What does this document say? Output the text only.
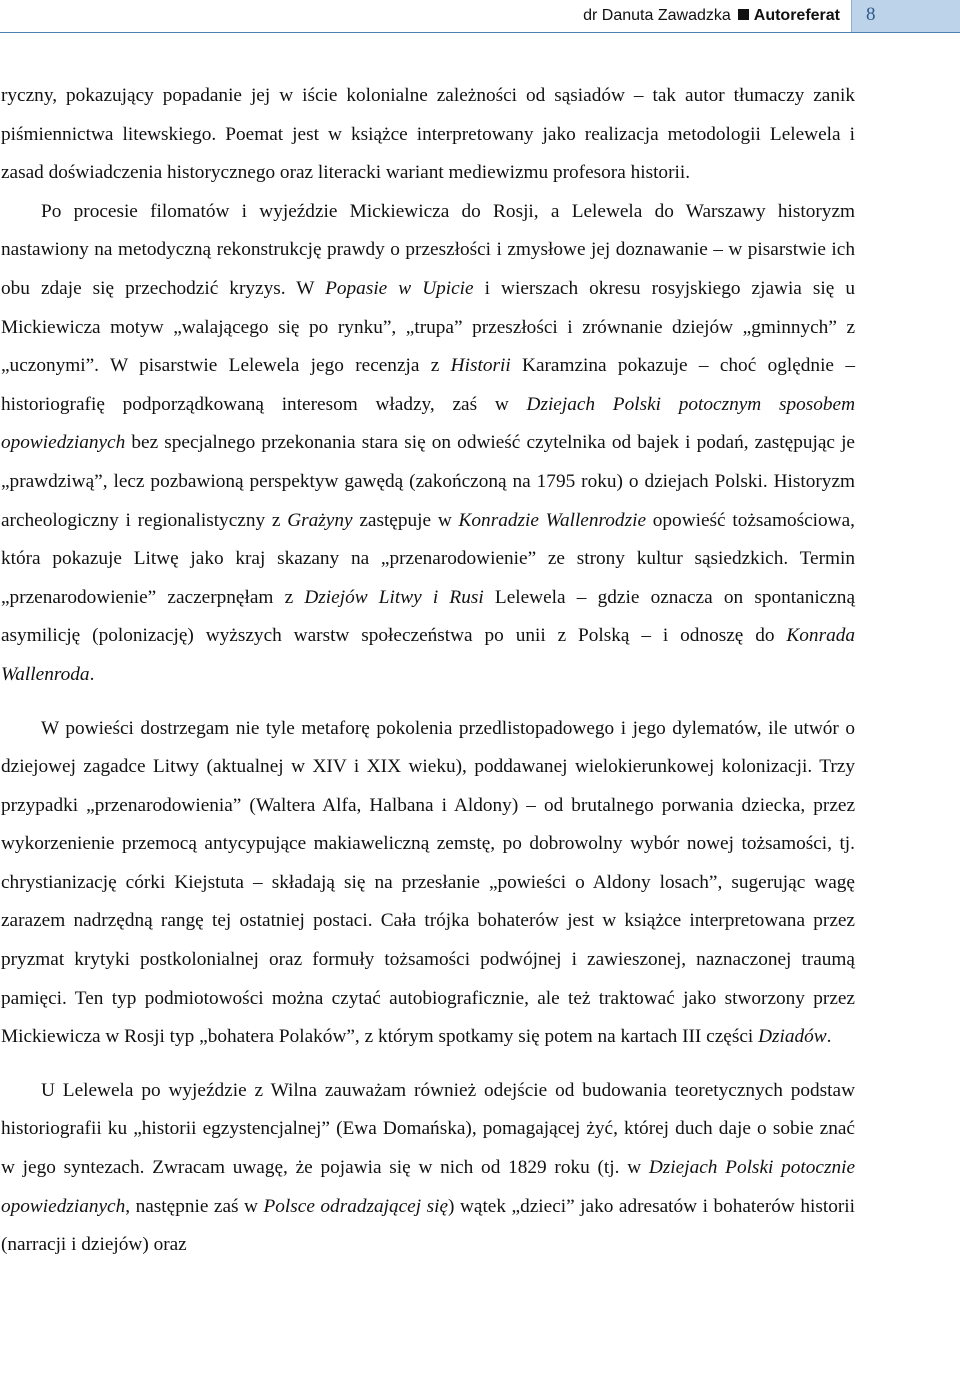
dr Danuta Zawadzka Autoreferat 8

ryczny, pokazujący popadanie jej w iście kolonialne zależności od sąsiadów – tak autor tłumaczy zanik piśmiennictwa litewskiego. Poemat jest w książce interpretowany jako realizacja metodologii Lelewela i zasad doświadczenia historycznego oraz literacki wariant mediewizmu profesora historii.

Po procesie filomatów i wyjeździe Mickiewicza do Rosji, a Lelewela do Warszawy historyzm nastawiony na metodyczną rekonstrukcję prawdy o przeszłości i zmysłowe jej doznawanie – w pisarstwie ich obu zdaje się przechodzić kryzys. W Popasie w Upicie i wierszach okresu rosyjskiego zjawia się u Mickiewicza motyw „walającego się po rynku”, „trupa” przeszłości i zrównanie dziejów „gminnych” z „uczonymi”. W pisarstwie Lelewela jego recenzja z Historii Karamzina pokazuje – choć oględnie – historiografię podporządkowaną interesom władzy, zaś w Dziejach Polski potocznym sposobem opowiedzianych bez specjalnego przekonania stara się on odwieść czytelnika od bajek i podań, zastępując je „prawdziwą”, lecz pozbawioną perspektyw gawędą (zakończoną na 1795 roku) o dziejach Polski. Historyzm archeologiczny i regionalistyczny z Grażyny zastępuje w Konradzie Wallenrodzie opowieść tożsamościowa, która pokazuje Litwę jako kraj skazany na „przenarodowienie” ze strony kultur sąsiedzkich. Termin „przenarodowienie” zaczerpnęłam z Dziejów Litwy i Rusi Lelewela – gdzie oznacza on spontaniczną asymilicję (polonizację) wyższych warstw społeczeństwa po unii z Polską – i odnoszę do Konrada Wallenroda.

W powieści dostrzegam nie tyle metaforę pokolenia przedlistopadowego i jego dylematów, ile utwór o dziejowej zagadce Litwy (aktualnej w XIV i XIX wieku), poddawanej wielokierunkowej kolonizacji. Trzy przypadki „przenarodowienia” (Waltera Alfa, Halbana i Aldony) – od brutalnego porwania dziecka, przez wykorzenienie przemocą antycypujące makiaweliczną zemstę, po dobrowolny wybór nowej tożsamości, tj. chrystianizację córki Kiejstuta – składają się na przesłanie „powieści o Aldony losach”, sugerując wagę zarazem nadrzędną rangę tej ostatniej postaci. Cała trójka bohaterów jest w książce interpretowana przez pryzmat krytyki postkolonialnej oraz formuły tożsamości podwójnej i zawieszonej, naznaczonej traumą pamięci. Ten typ podmiotowości można czytać autobiograficznie, ale też traktować jako stworzony przez Mickiewicza w Rosji typ „bohatera Polaków”, z którym spotkamy się potem na kartach III części Dziadów.

U Lelewela po wyjeździe z Wilna zauważam również odejście od budowania teoretycznych podstaw historiografii ku „historii egzystencjalnej” (Ewa Domańska), pomagającej żyć, której duch daje o sobie znać w jego syntezach. Zwracam uwagę, że pojawia się w nich od 1829 roku (tj. w Dziejach Polski potocznie opowiedzianych, następnie zaś w Polsce odradzającej się) wątek „dzieci” jako adresatów i bohaterów historii (narracji i dziejów) oraz
